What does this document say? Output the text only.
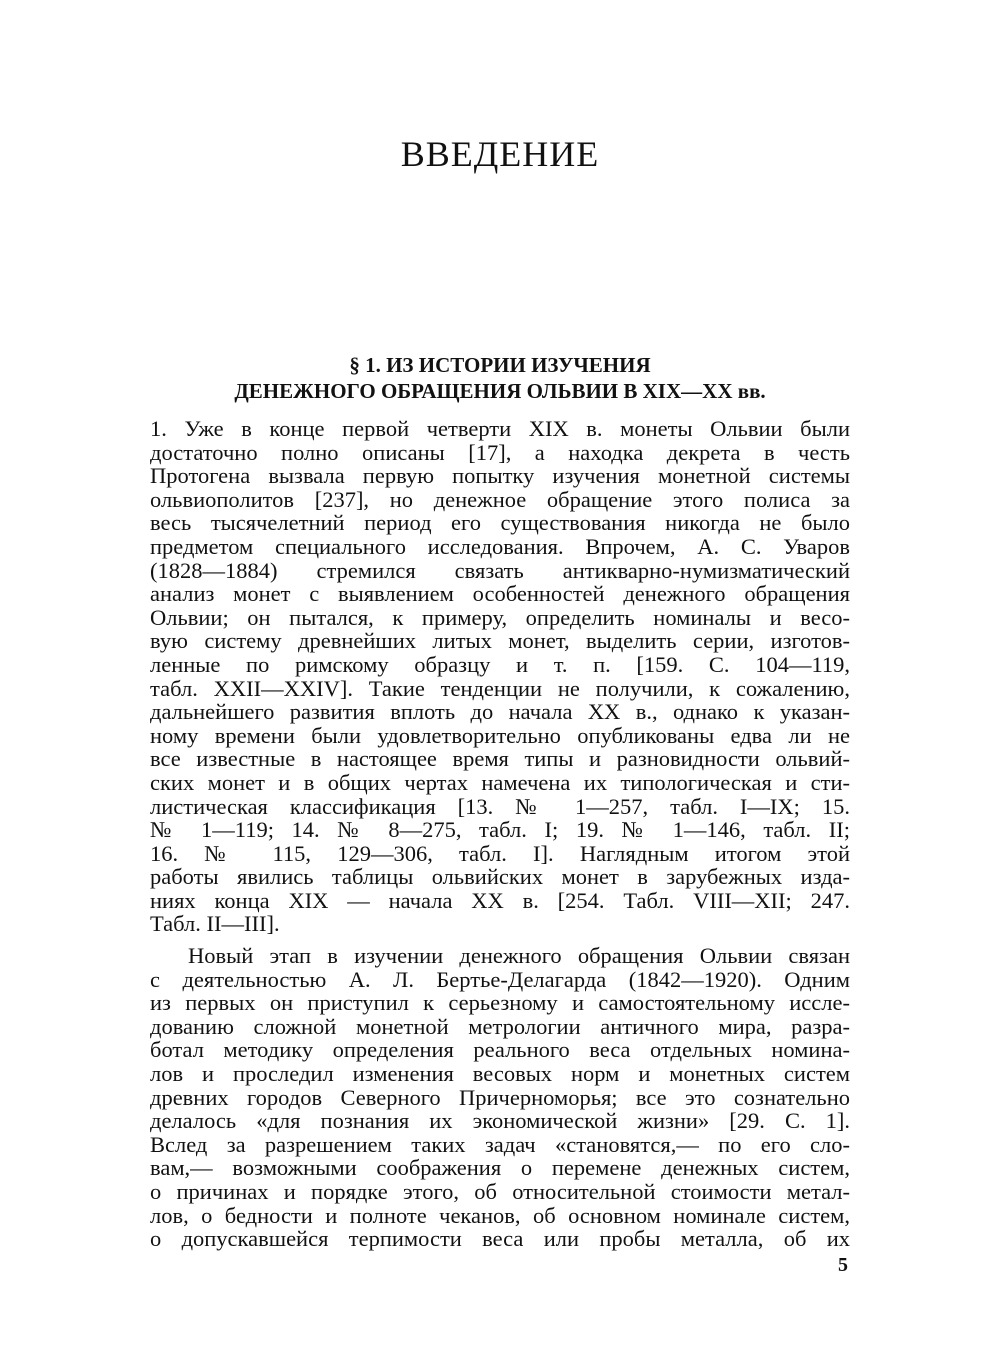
ВВЕДЕНИЕ
§ 1. ИЗ ИСТОРИИ ИЗУЧЕНИЯ
ДЕНЕЖНОГО ОБРАЩЕНИЯ ОЛЬВИИ В XIX—XX вв.
1. Уже в конце первой четверти XIX в. монеты Ольвии были
достаточно полно описаны [17], а находка декрета в честь
Протогена вызвала первую попытку изучения монетной системы
ольвиополитов [237], но денежное обращение этого полиса за
весь тысячелетний период его существования никогда не было
предметом специального исследования. Впрочем, А. С. Уваров
(1828—1884) стремился связать антикварно-нумизматический
анализ монет с выявлением особенностей денежного обращения
Ольвии; он пытался, к примеру, определить номиналы и весо-
вую систему древнейших литых монет, выделить серии, изготов-
ленные по римскому образцу и т. п. [159. С. 104—119,
табл. XXII—XXIV]. Такие тенденции не получили, к сожалению,
дальнейшего развития вплоть до начала XX в., однако к указан-
ному времени были удовлетворительно опубликованы едва ли не
все известные в настоящее время типы и разновидности ольвий-
ских монет и в общих чертах намечена их типологическая и сти-
листическая классификация [13. № 1—257, табл. I—IX; 15.
№ 1—119; 14. № 8—275, табл. I; 19. № 1—146, табл. II;
16. № 115, 129—306, табл. I]. Наглядным итогом этой
работы явились таблицы ольвийских монет в зарубежных изда-
ниях конца XIX — начала XX в. [254. Табл. VIII—XII; 247.
Табл. II—III].
Новый этап в изучении денежного обращения Ольвии связан
с деятельностью А. Л. Бертье-Делагарда (1842—1920). Одним
из первых он приступил к серьезному и самостоятельному иссле-
дованию сложной монетной метрологии античного мира, разра-
ботал методику определения реального веса отдельных номина-
лов и проследил изменения весовых норм и монетных систем
древних городов Северного Причерноморья; все это сознательно
делалось «для познания их экономической жизни» [29. С. 1].
Вслед за разрешением таких задач «становятся,— по его сло-
вам,— возможными соображения о перемене денежных систем,
о причинах и порядке этого, об относительной стоимости метал-
лов, о бедности и полноте чеканов, об основном номинале систем,
о допускавшейся терпимости веса или пробы металла, об их
5
